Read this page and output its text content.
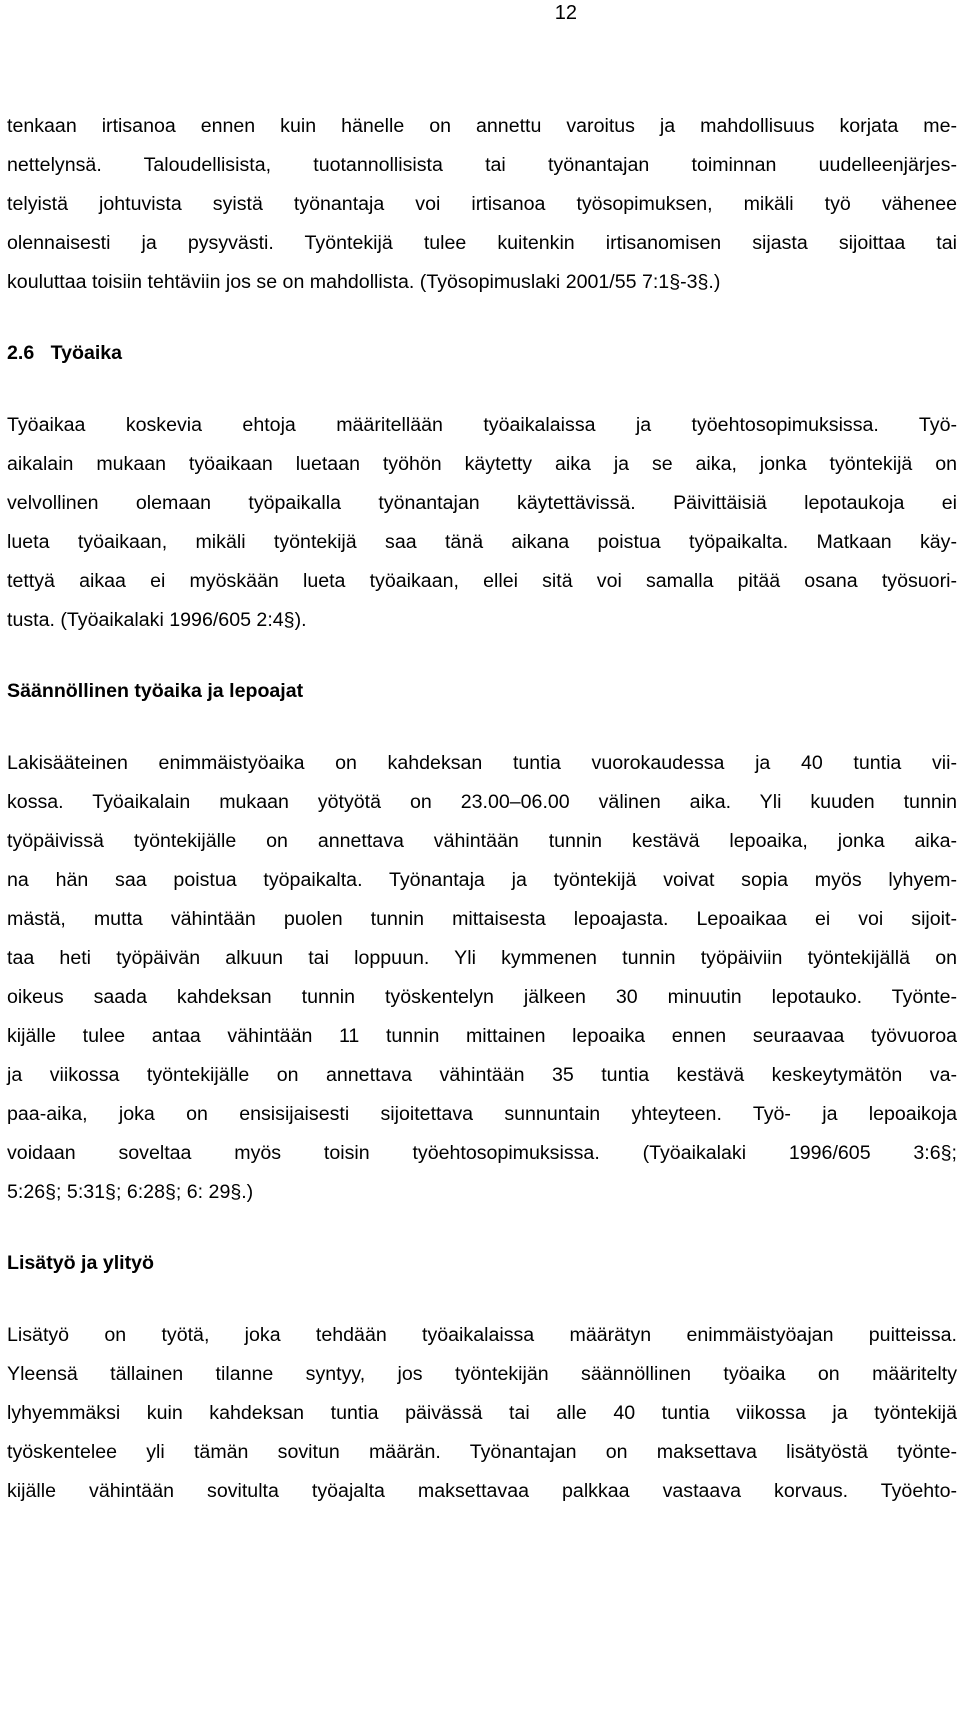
12

tenkaan irtisanoa ennen kuin hänelle on annettu varoitus ja mahdollisuus korjata me-
nettelynsä. Taloudellisista, tuotannollisista tai työnantajan toiminnan uudelleenjärjes-
telyistä johtuvista syistä työnantaja voi irtisanoa työsopimuksen, mikäli työ vähenee
olennaisesti ja pysyvästi. Työntekijä tulee kuitenkin irtisanomisen sijasta sijoittaa tai
kouluttaa toisiin tehtäviin jos se on mahdollista. (Työsopimuslaki 2001/55 7:1§-3§.)

2.6   Työaika

Työaikaa koskevia ehtoja määritellään työaikalaissa ja työehtosopimuksissa. Työ-
aikalain mukaan työaikaan luetaan työhön käytetty aika ja se aika, jonka työntekijä on
velvollinen olemaan työpaikalla työnantajan käytettävissä. Päivittäisiä lepotaukoja ei
lueta työaikaan, mikäli työntekijä saa tänä aikana poistua työpaikalta. Matkaan käy-
tettyä aikaa ei myöskään lueta työaikaan, ellei sitä voi samalla pitää osana työsuori-
tusta. (Työaikalaki 1996/605 2:4§).

Säännöllinen työaika ja lepoajat

Lakisääteinen enimmäistyöaika on kahdeksan tuntia vuorokaudessa ja 40 tuntia vii-
kossa. Työaikalain mukaan yötyötä on 23.00–06.00 välinen aika. Yli kuuden tunnin
työpäivissä työntekijälle on annettava vähintään tunnin kestävä lepoaika, jonka aika-
na hän saa poistua työpaikalta. Työnantaja ja työntekijä voivat sopia myös lyhyem-
mästä, mutta vähintään puolen tunnin mittaisesta lepoajasta. Lepoaikaa ei voi sijoit-
taa heti työpäivän alkuun tai loppuun. Yli kymmenen tunnin työpäiviin työntekijällä on
oikeus saada kahdeksan tunnin työskentelyn jälkeen 30 minuutin lepotauko. Työnte-
kijälle tulee antaa vähintään 11 tunnin mittainen lepoaika ennen seuraavaa työvuoroa
ja viikossa työntekijälle on annettava vähintään 35 tuntia kestävä keskeytymätön va-
paa-aika, joka on ensisijaisesti sijoitettava sunnuntain yhteyteen. Työ- ja lepoaikoja
voidaan soveltaa myös toisin työehtosopimuksissa. (Työaikalaki 1996/605 3:6§;
5:26§; 5:31§; 6:28§; 6: 29§.)

Lisätyö ja ylityö

Lisätyö on työtä, joka tehdään työaikalaissa määrätyn enimmäistyöajan puitteissa.
Yleensä tällainen tilanne syntyy, jos työntekijän säännöllinen työaika on määritelty
lyhyemmäksi kuin kahdeksan tuntia päivässä tai alle 40 tuntia viikossa ja työntekijä
työskentelee yli tämän sovitun määrän. Työnantajan on maksettava lisätyöstä työnte-
kijälle vähintään sovitulta työajalta maksettavaa palkkaa vastaava korvaus. Työehto-
